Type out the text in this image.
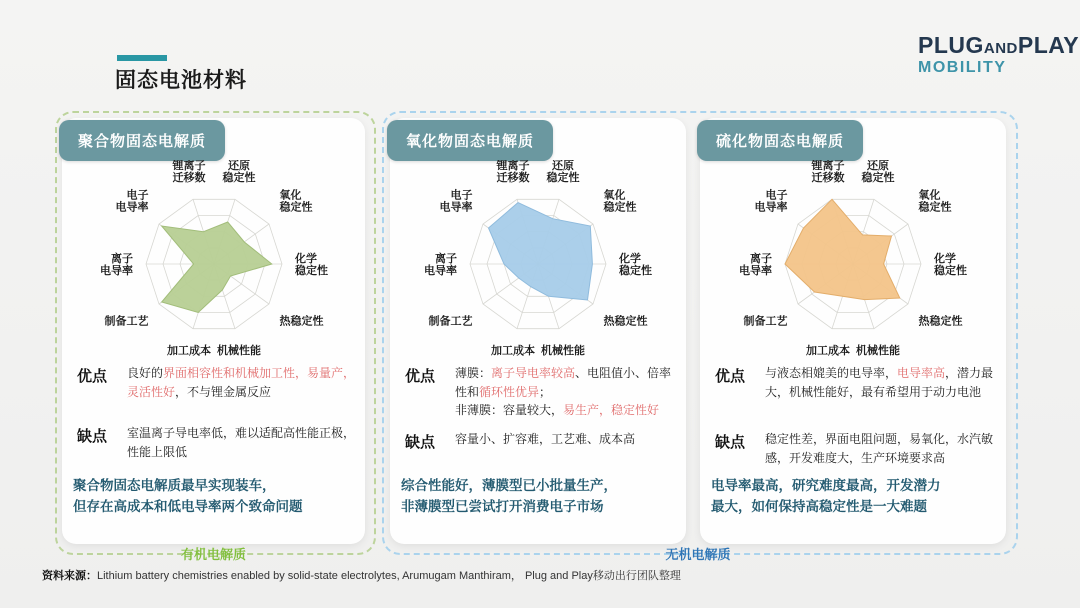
固态电池材料
PLUGANDPLAY
MOBILITY
聚合物固态电解质
锂离子迁移数
还原稳定性
氧化稳定性
化学稳定性
热稳定性
机械性能
加工成本
制备工艺
离子电导率
电子电导率
优点	良好的界面相容性和机械加工性，易量产，灵活性好，不与锂金属反应
缺点	室温离子导电率低，难以适配高性能正极，性能上限低
聚合物固态电解质最早实现装车，
但存在高成本和低电导率两个致命问题
有机电解质
氧化物固态电解质
锂离子迁移数
还原稳定性
氧化稳定性
化学稳定性
热稳定性
机械性能
加工成本
制备工艺
离子电导率
电子电导率
优点	薄膜：离子导电率较高、电阻值小、倍率性和循环性优异；
非薄膜：容量较大，易生产，稳定性好
缺点	容量小、扩容难，工艺难、成本高
综合性能好，薄膜型已小批量生产，
非薄膜型已尝试打开消费电子市场
硫化物固态电解质
锂离子迁移数
还原稳定性
氧化稳定性
化学稳定性
热稳定性
机械性能
加工成本
制备工艺
离子电导率
电子电导率
优点	与液态相媲美的电导率，电导率高，潜力最大，机械性能好，最有希望用于动力电池
缺点	稳定性差，界面电阻问题，易氧化，水汽敏感，开发难度大，生产环境要求高
电导率最高，研究难度最高，开发潜力
最大，如何保持高稳定性是一大难题
无机电解质
资料来源：Lithium battery chemistries enabled by solid-state electrolytes, Arumugam Manthiram， Plug and Play移动出行团队整理
